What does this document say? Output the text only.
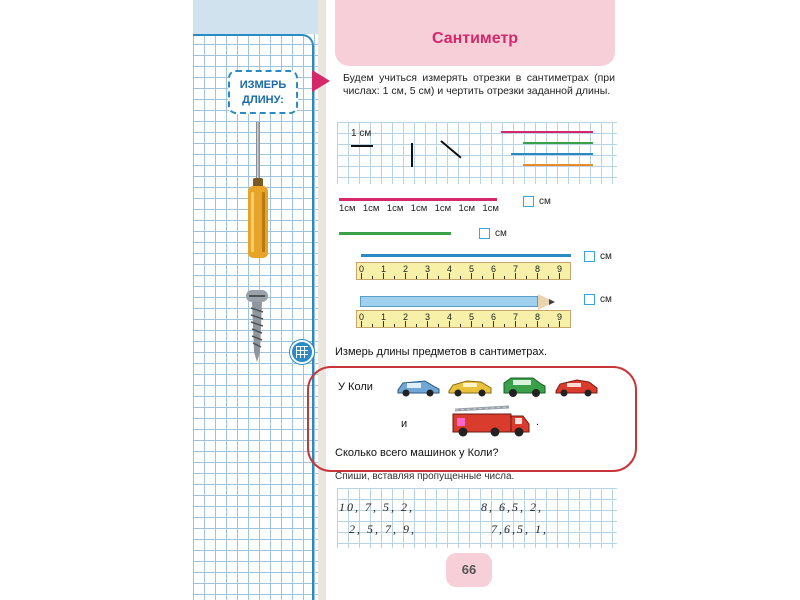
ИЗМЕРЬ
ДЛИНУ:
Сантиметр
Будем учиться измерять отрезки в сантиметрах (при числах: 1 см, 5 см) и чертить отрезки заданной длины.
1 см
1см 1см 1см 1см 1см 1см 1см
см
см
0 1 2 3 4 5 6 7 8 9
см
0 1 2 3 4 5 6 7 8 9
см
Измерь длины предметов в сантиметрах.
У Коли
и	.
Сколько всего машинок у Коли?
Спиши, вставляя пропущенные числа.
10, 7, 5, 2,	8, 6,5, 2,
2, 5, 7, 9,	7,6,5, 1,
66
